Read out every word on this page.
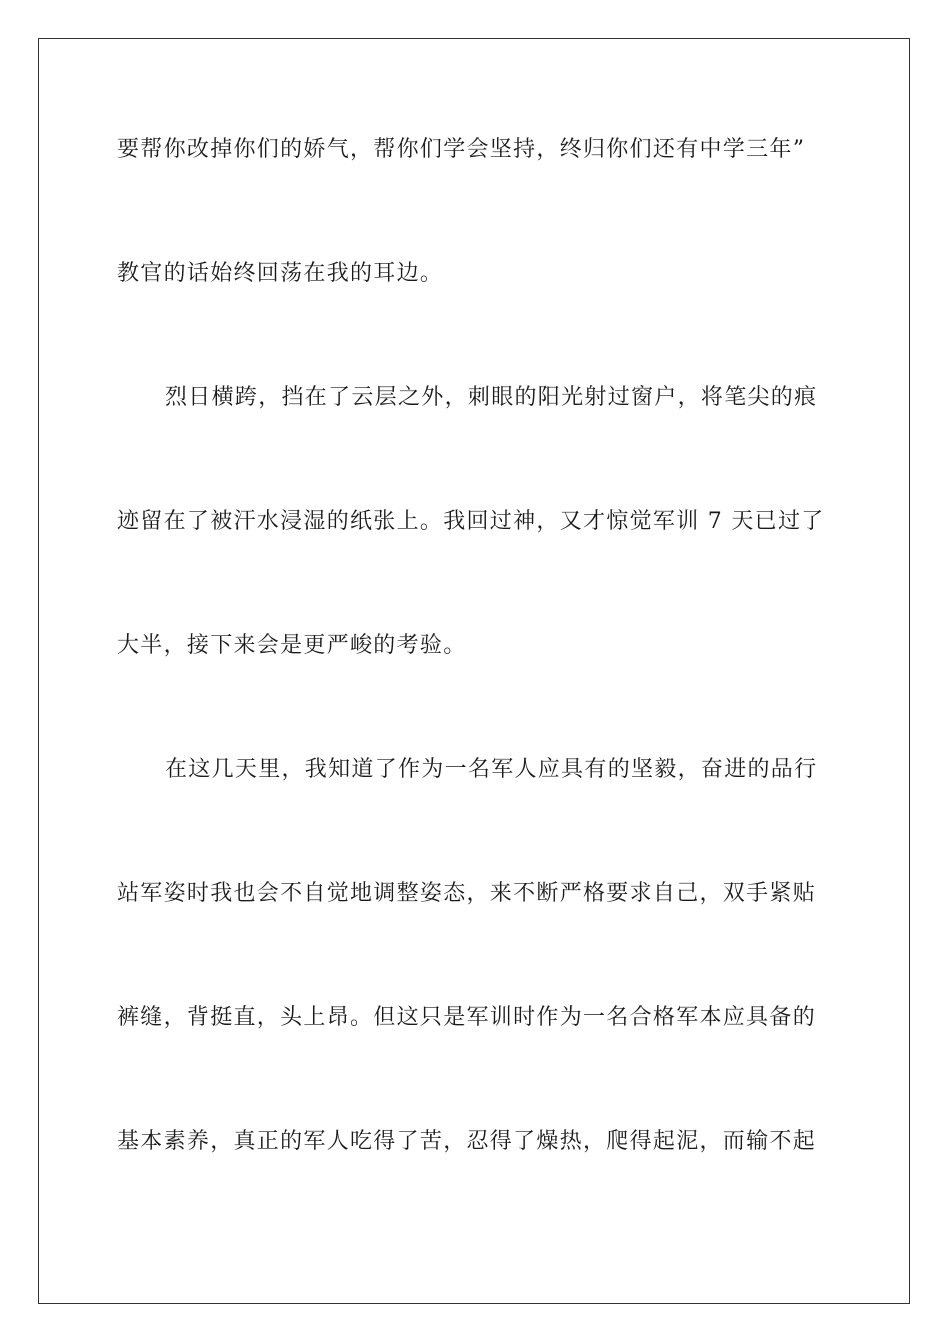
要帮你改掉你们的娇气，帮你们学会坚持，终归你们还有中学三年”
教官的话始终回荡在我的耳边。
烈日横跨，挡在了云层之外，刺眼的阳光射过窗户，将笔尖的痕
迹留在了被汗水浸湿的纸张上。我回过神，又才惊觉军训 7 天已过了
大半，接下来会是更严峻的考验。
在这几天里，我知道了作为一名军人应具有的坚毅，奋进的品行
站军姿时我也会不自觉地调整姿态，来不断严格要求自己，双手紧贴
裤缝，背挺直，头上昂。但这只是军训时作为一名合格军本应具备的
基本素养，真正的军人吃得了苦，忍得了燥热，爬得起泥，而输不起
